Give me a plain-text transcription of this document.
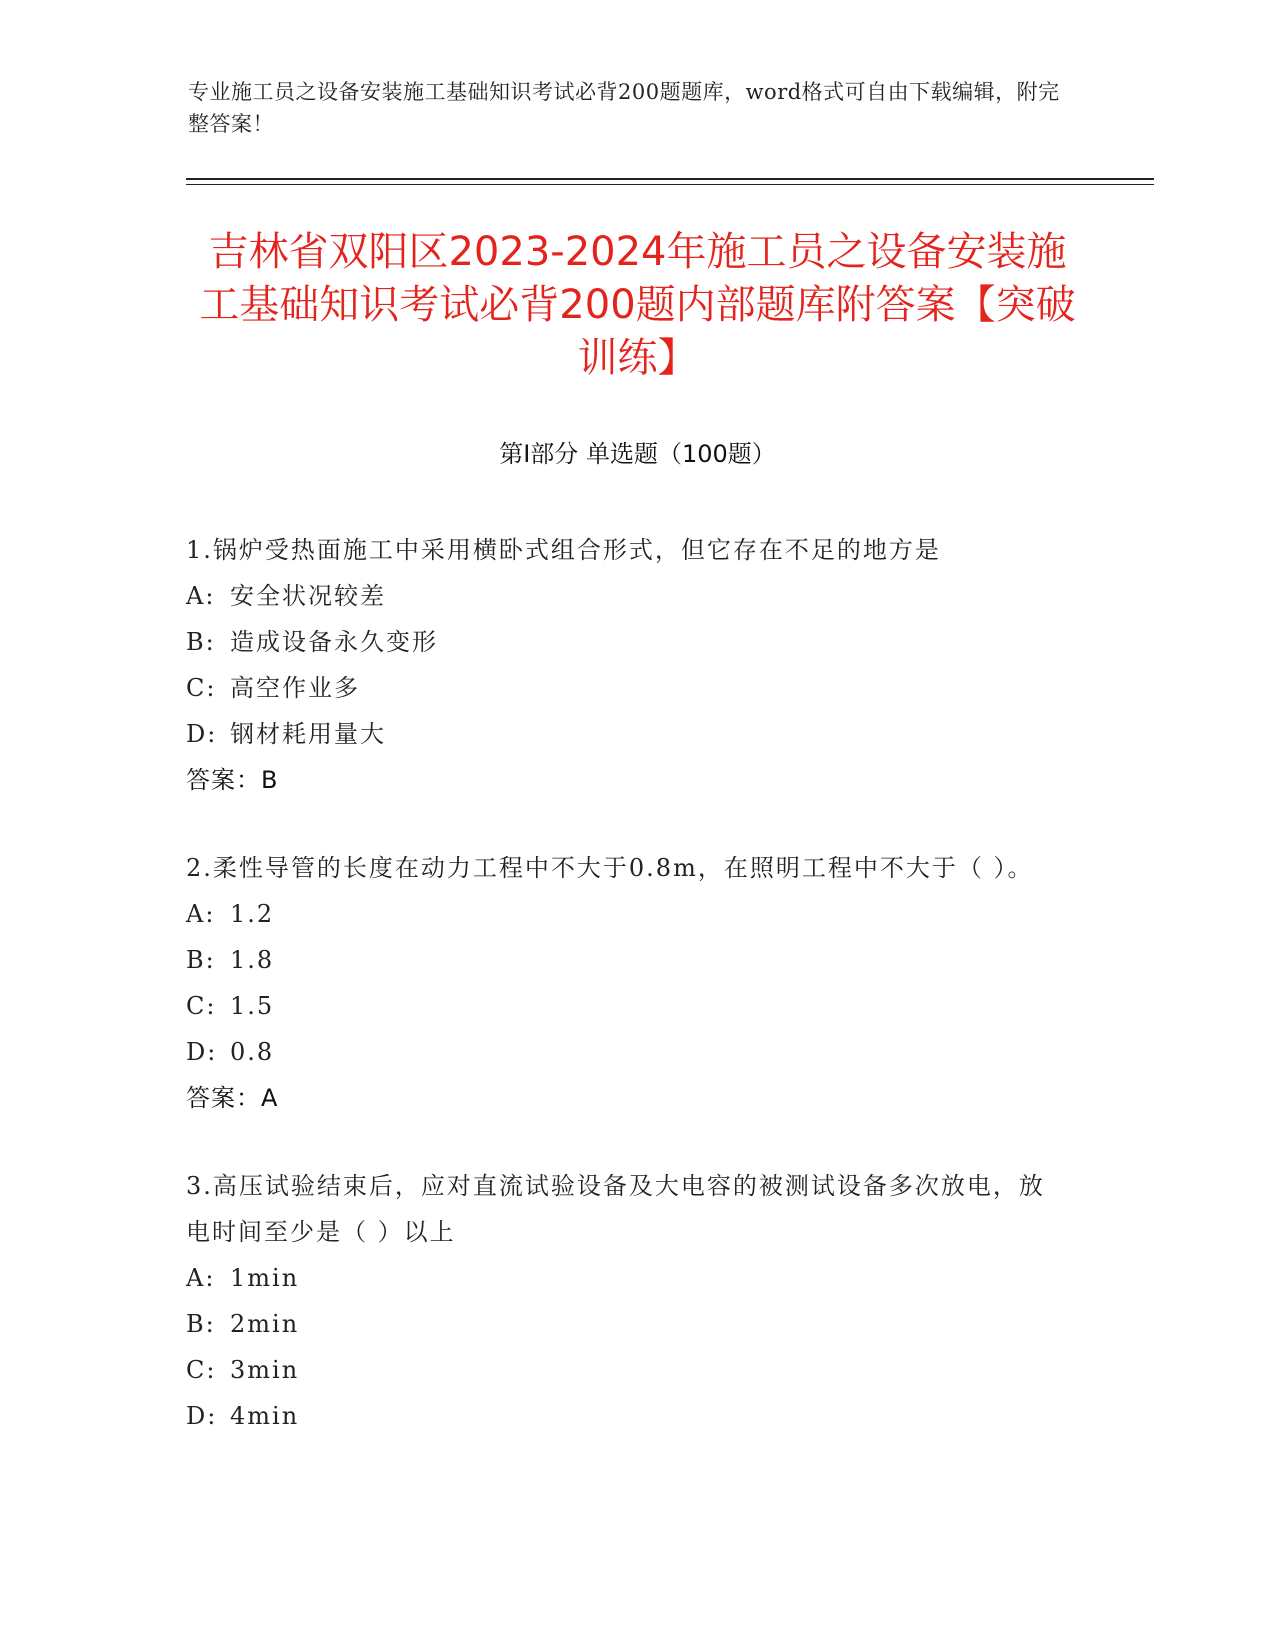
专业施工员之设备安装施工基础知识考试必背200题题库，word格式可自由下载编辑，附完整答案！
吉林省双阳区2023-2024年施工员之设备安装施工基础知识考试必背200题内部题库附答案【突破训练】
第I部分 单选题（100题）
1.锅炉受热面施工中采用横卧式组合形式，但它存在不足的地方是
A: 安全状况较差
B: 造成设备永久变形
C: 高空作业多
D: 钢材耗用量大
答案：B
2.柔性导管的长度在动力工程中不大于0.8m，在照明工程中不大于（ ）。
A: 1.2
B: 1.8
C: 1.5
D: 0.8
答案：A
3.高压试验结束后，应对直流试验设备及大电容的被测试设备多次放电，放电时间至少是（ ）以上
A: 1min
B: 2min
C: 3min
D: 4min
